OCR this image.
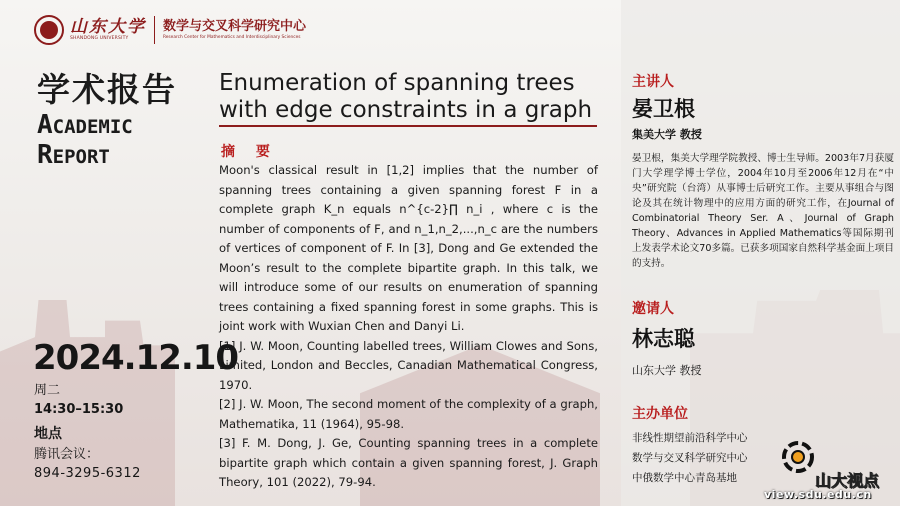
山东大学
SHANDONG UNIVERSITY
数学与交叉科学研究中心
Research Center for Mathematics and Interdisciplinary Sciences
学术报告
ACADEMIC
REPORT
2024.12.10
周二
14:30–15:30
地点
腾讯会议：
894-3295-6312
Enumeration of spanning trees with edge constraints in a graph
摘 要

Moon's classical result in [1,2] implies that the number of spanning trees containing a given spanning forest F in a complete graph K_n equals n^{c-2}∏ n_i , where c is the number of components of F, and n_1,n_2,...,n_c are the numbers of vertices of component of F. In [3], Dong and Ge extended the Moon’s result to the complete bipartite graph. In this talk, we will introduce some of our results on enumeration of spanning trees containing a fixed spanning forest in some graphs. This is joint work with Wuxian Chen and Danyi Li.

[1] J. W. Moon, Counting labelled trees, William Clowes and Sons, Limited, London and Beccles, Canadian Mathematical Congress, 1970.

[2] J. W. Moon, The second moment of the complexity of a graph, Mathematika, 11 (1964), 95-98.

[3] F. M. Dong, J. Ge, Counting spanning trees in a complete bipartite graph which contain a given spanning forest, J. Graph Theory, 101 (2022), 79-94.

主讲人
晏卫根
集美大学 教授
晏卫根，集美大学理学院教授、博士生导师。2003年7月获厦门大学理学博士学位，2004年10月至2006年12月在“中央”研究院（台湾）从事博士后研究工作。主要从事组合与图论及其在统计物理中的应用方面的研究工作，在Journal of Combinatorial Theory Ser. A、Journal of Graph Theory、Advances in Applied Mathematics等国际期刊上发表学术论文70多篇。已获多项国家自然科学基金面上项目的支持。
邀请人
林志聪
山东大学 教授
主办单位
非线性期望前沿科学中心
数学与交叉科学研究中心
中俄数学中心青岛基地	山大视点
view.sdu.edu.cn
